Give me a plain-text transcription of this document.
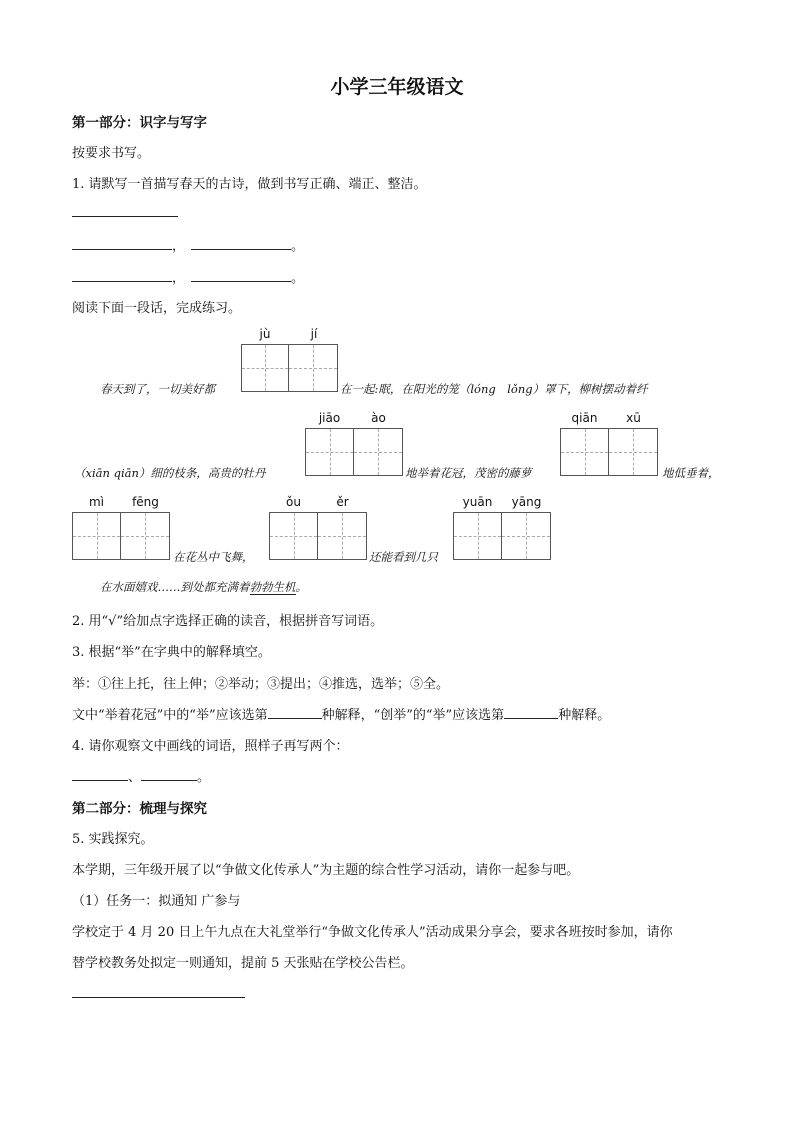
小学三年级语文
第一部分：识字与写字
按要求书写。
1. 请默写一首描写春天的古诗，做到书写正确、端正、整洁。
，	。
，	。
阅读下面一段话，完成练习。
jù	jí
春天到了，一切美好都	在一起:眠，在阳光的笼（lóng　lǒng）罩下，柳树摆动着纤
jiāo	ào	qiān	xū
（xiān qiān）细的枝条，高贵的牡丹	地举着花冠，茂密的藤萝	地低垂着，
mì	fēng
在花丛中飞舞，
ǒu	ěr
还能看到几只
yuān	yāng
在水面嬉戏……到处都充满着勃勃生机。
2. 用“√”给加点字选择正确的读音，根据拼音写词语。
3. 根据“举”在字典中的解释填空。
举：①往上托，往上伸；②举动；③提出；④推选，选举；⑤全。
文中“举着花冠”中的“举”应该选第	种解释，“创举”的“举”应该选第	种解释。
4. 请你观察文中画线的词语，照样子再写两个：
、	。
第二部分：梳理与探究
5. 实践探究。
本学期，三年级开展了以“争做文化传承人”为主题的综合性学习活动，请你一起参与吧。
（1）任务一：拟通知 广参与
学校定于 4 月 20 日上午九点在大礼堂举行“争做文化传承人”活动成果分享会，要求各班按时参加，请你
替学校教务处拟定一则通知，提前 5 天张贴在学校公告栏。
